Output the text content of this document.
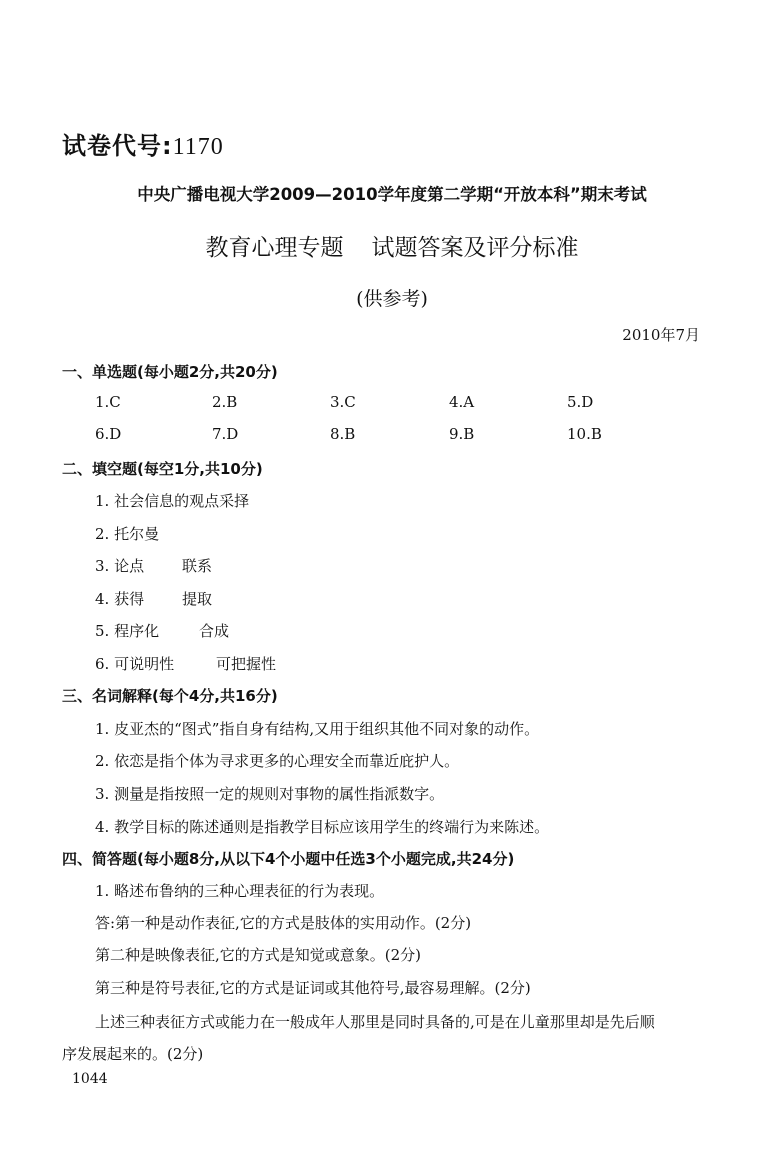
试卷代号:1170
中央广播电视大学2009—2010学年度第二学期“开放本科”期末考试
教育心理专题 试题答案及评分标准
(供参考)
2010年7月
一、单选题(每小题2分,共20分)
1.C	2.B	3.C	4.A	5.D
6.D	7.D	8.B	9.B	10.B
二、填空题(每空1分,共10分)
1. 社会信息的观点采择
2. 托尔曼
3. 论点	联系
4. 获得	提取
5. 程序化	合成
6. 可说明性	可把握性
三、名词解释(每个4分,共16分)
1. 皮亚杰的“图式”指自身有结构,又用于组织其他不同对象的动作。
2. 依恋是指个体为寻求更多的心理安全而靠近庇护人。
3. 测量是指按照一定的规则对事物的属性指派数字。
4. 教学目标的陈述通则是指教学目标应该用学生的终端行为来陈述。
四、简答题(每小题8分,从以下4个小题中任选3个小题完成,共24分)
1. 略述布鲁纳的三种心理表征的行为表现。
答:第一种是动作表征,它的方式是肢体的实用动作。(2分)
第二种是映像表征,它的方式是知觉或意象。(2分)
第三种是符号表征,它的方式是证词或其他符号,最容易理解。(2分)
上述三种表征方式或能力在一般成年人那里是同时具备的,可是在儿童那里却是先后顺
序发展起来的。(2分)
1044
